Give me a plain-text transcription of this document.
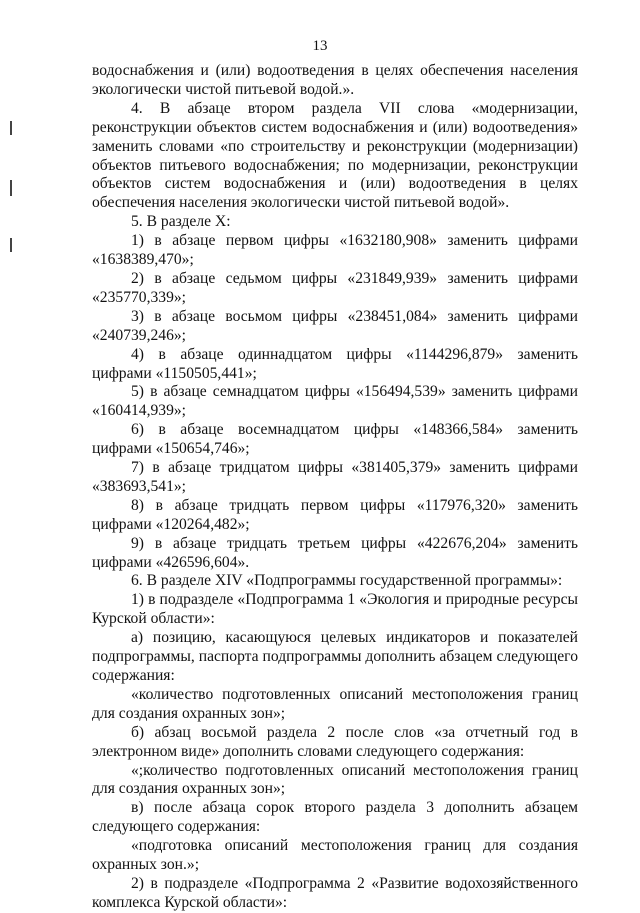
13

водоснабжения и (или) водоотведения в целях обеспечения населения экологически чистой питьевой водой.».

4. В абзаце втором раздела VII слова «модернизации, реконструкции объектов систем водоснабжения и (или) водоотведения» заменить словами «по строительству и реконструкции (модернизации) объектов питьевого водоснабжения; по модернизации, реконструкции объектов систем водоснабжения и (или) водоотведения в целях обеспечения населения экологически чистой питьевой водой».

5. В разделе X:

1) в абзаце первом цифры «1632180,908» заменить цифрами «1638389,470»;

2) в абзаце седьмом цифры «231849,939» заменить цифрами «235770,339»;

3) в абзаце восьмом цифры «238451,084» заменить цифрами «240739,246»;

4) в абзаце одиннадцатом цифры «1144296,879» заменить цифрами «1150505,441»;

5) в абзаце семнадцатом цифры «156494,539» заменить цифрами «160414,939»;

6) в абзаце восемнадцатом цифры «148366,584» заменить цифрами «150654,746»;

7) в абзаце тридцатом цифры «381405,379» заменить цифрами «383693,541»;

8) в абзаце тридцать первом цифры «117976,320» заменить цифрами «120264,482»;

9) в абзаце тридцать третьем цифры «422676,204» заменить цифрами «426596,604».

6. В разделе XIV «Подпрограммы государственной программы»:

1) в подразделе «Подпрограмма 1 «Экология и природные ресурсы Курской области»:

а) позицию, касающуюся целевых индикаторов и показателей подпрограммы, паспорта подпрограммы дополнить абзацем следующего содержания:

«количество подготовленных описаний местоположения границ для создания охранных зон»;

б) абзац восьмой раздела 2 после слов «за отчетный год в электронном виде» дополнить словами следующего содержания:

«;количество подготовленных описаний местоположения границ для создания охранных зон»;

в) после абзаца сорок второго раздела 3 дополнить абзацем следующего содержания:

«подготовка описаний местоположения границ для создания охранных зон.»;

2) в подразделе «Подпрограмма 2 «Развитие водохозяйственного комплекса Курской области»:
